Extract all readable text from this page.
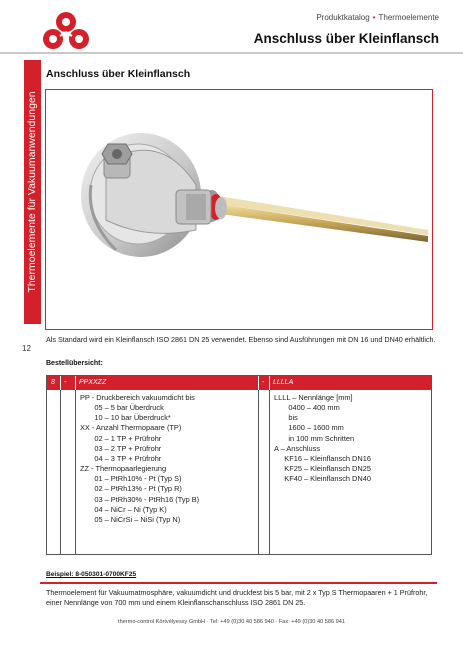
Produktkatalog • Thermoelemente
Anschluss über Kleinflansch
Thermoelemente für Vakuumanwendungen
12
Anschluss über Kleinflansch
Als Standard wird ein Kleinflansch ISO 2861 DN 25 verwendet. Ebenso sind Ausführungen mit DN 16 und DN40 erhältlich.
Bestellübersicht:
8 - PPXXZZ	- LLLLA
PP - Druckbereich vakuumdicht bis
05 – 5 bar Überdruck
10 – 10 bar Überdruck*
XX - Anzahl Thermopaare (TP)
02 – 1 TP + Prüfrohr
03 – 2 TP + Prüfrohr
04 – 3 TP + Prüfrohr
ZZ - Thermopaarlegierung
01 – PtRh10% - Pt (Typ S)
02 – PtRh13% - Pt (Typ R)
03 – PtRh30% - PtRh16 (Typ B)
04 – NiCr – Ni (Typ K)
05 – NiCrSi – NiSi (Typ N)
LLLL – Nennlänge [mm]
0400 – 400 mm
bis
1600 – 1600 mm
in 100 mm Schritten
A – Anschluss
KF16 – Kleinflansch DN16
KF25 – Kleinflansch DN25
KF40 – Kleinflansch DN40
Beispiel: 8-050301-0700KF25
Thermoelement für Vakuumatmosphäre, vakuumdicht und druckfest bis 5 bar, mit 2 x Typ S Thermopaaren + 1 Prüfrohr, einer Nennlänge von 700 mm und einem Kleinflanschanschluss ISO 2861 DN 25.
thermo-control Körtvélyessy GmbH · Tel: +49 (0)30 40 586 940 · Fax: +49 (0)30 40 586 941
